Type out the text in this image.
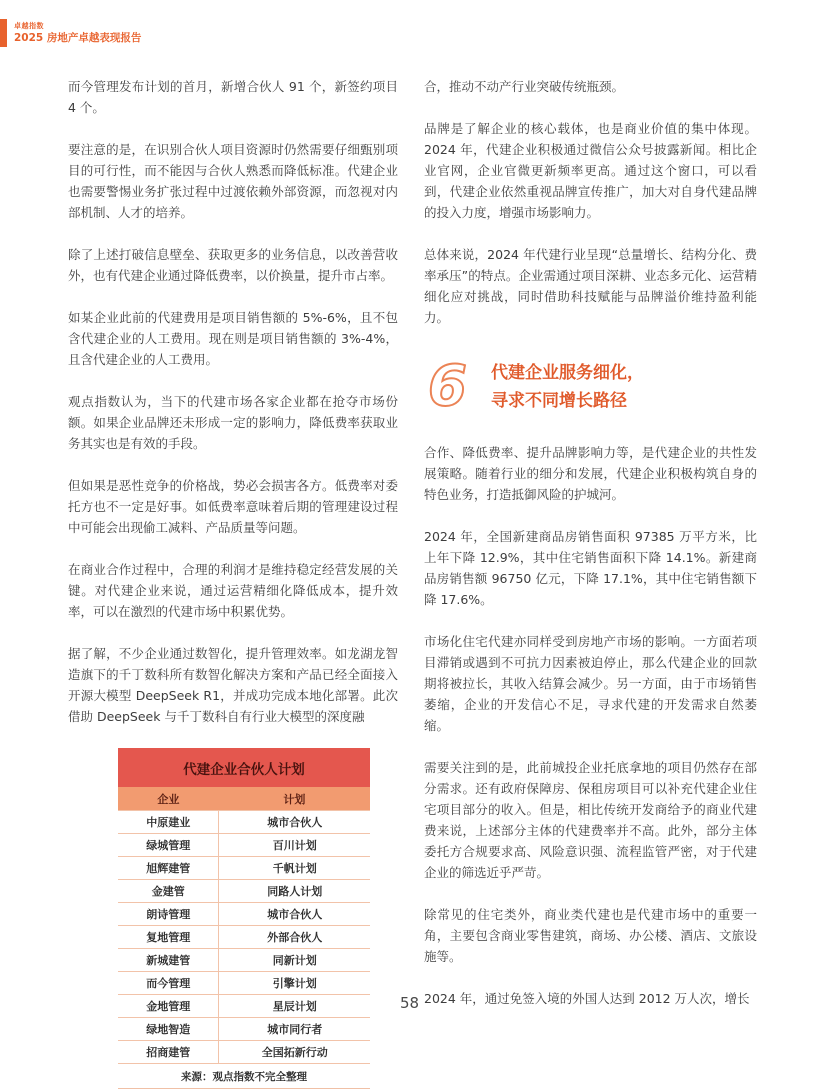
卓越指数
2025 房地产卓越表现报告

而今管理发布计划的首月，新增合伙人 91 个，新签约项目 4 个。

要注意的是，在识别合伙人项目资源时仍然需要仔细甄别项目的可行性，而不能因与合伙人熟悉而降低标准。代建企业也需要警惕业务扩张过程中过渡依赖外部资源，而忽视对内部机制、人才的培养。

除了上述打破信息壁垒、获取更多的业务信息，以改善营收外，也有代建企业通过降低费率，以价换量，提升市占率。

如某企业此前的代建费用是项目销售额的 5%-6%，且不包含代建企业的人工费用。现在则是项目销售额的 3%-4%，且含代建企业的人工费用。

观点指数认为，当下的代建市场各家企业都在抢夺市场份额。如果企业品牌还未形成一定的影响力，降低费率获取业务其实也是有效的手段。

但如果是恶性竞争的价格战，势必会损害各方。低费率对委托方也不一定是好事。如低费率意味着后期的管理建设过程中可能会出现偷工减料、产品质量等问题。

在商业合作过程中，合理的利润才是维持稳定经营发展的关键。对代建企业来说，通过运营精细化降低成本，提升效率，可以在激烈的代建市场中积累优势。

据了解，不少企业通过数智化，提升管理效率。如龙湖龙智造旗下的千丁数科所有数智化解决方案和产品已经全面接入开源大模型 DeepSeek R1，并成功完成本地化部署。此次借助 DeepSeek 与千丁数科自有行业大模型的深度融

代建企业合伙人计划
企业	计划
中原建业	城市合伙人
绿城管理	百川计划
旭辉建管	千帆计划
金建管	同路人计划
朗诗管理	城市合伙人
复地管理	外部合伙人
新城建管	同新计划
而今管理	引擎计划
金地管理	星辰计划
绿地智造	城市同行者
招商建管	全国拓新行动
来源：观点指数不完全整理

合，推动不动产行业突破传统瓶颈。

品牌是了解企业的核心载体，也是商业价值的集中体现。2024 年，代建企业积极通过微信公众号披露新闻。相比企业官网，企业官微更新频率更高。通过这个窗口，可以看到，代建企业依然重视品牌宣传推广，加大对自身代建品牌的投入力度，增强市场影响力。

总体来说，2024 年代建行业呈现“总量增长、结构分化、费率承压”的特点。企业需通过项目深耕、业态多元化、运营精细化应对挑战，同时借助科技赋能与品牌溢价维持盈利能力。

6	代建企业服务细化，
寻求不同增长路径

合作、降低费率、提升品牌影响力等，是代建企业的共性发展策略。随着行业的细分和发展，代建企业积极构筑自身的特色业务，打造抵御风险的护城河。

2024 年，全国新建商品房销售面积 97385 万平方米，比上年下降 12.9%，其中住宅销售面积下降 14.1%。新建商品房销售额 96750 亿元，下降 17.1%，其中住宅销售额下降 17.6%。

市场化住宅代建亦同样受到房地产市场的影响。一方面若项目滞销或遇到不可抗力因素被迫停止，那么代建企业的回款期将被拉长，其收入结算会减少。另一方面，由于市场销售萎缩，企业的开发信心不足，寻求代建的开发需求自然萎缩。

需要关注到的是，此前城投企业托底拿地的项目仍然存在部分需求。还有政府保障房、保租房项目可以补充代建企业住宅项目部分的收入。但是，相比传统开发商给予的商业代建费来说，上述部分主体的代建费率并不高。此外，部分主体委托方合规要求高、风险意识强、流程监管严密，对于代建企业的筛选近乎严苛。

除常见的住宅类外，商业类代建也是代建市场中的重要一角，主要包含商业零售建筑，商场、办公楼、酒店、文旅设施等。

2024 年，通过免签入境的外国人达到 2012 万人次，增长

58
